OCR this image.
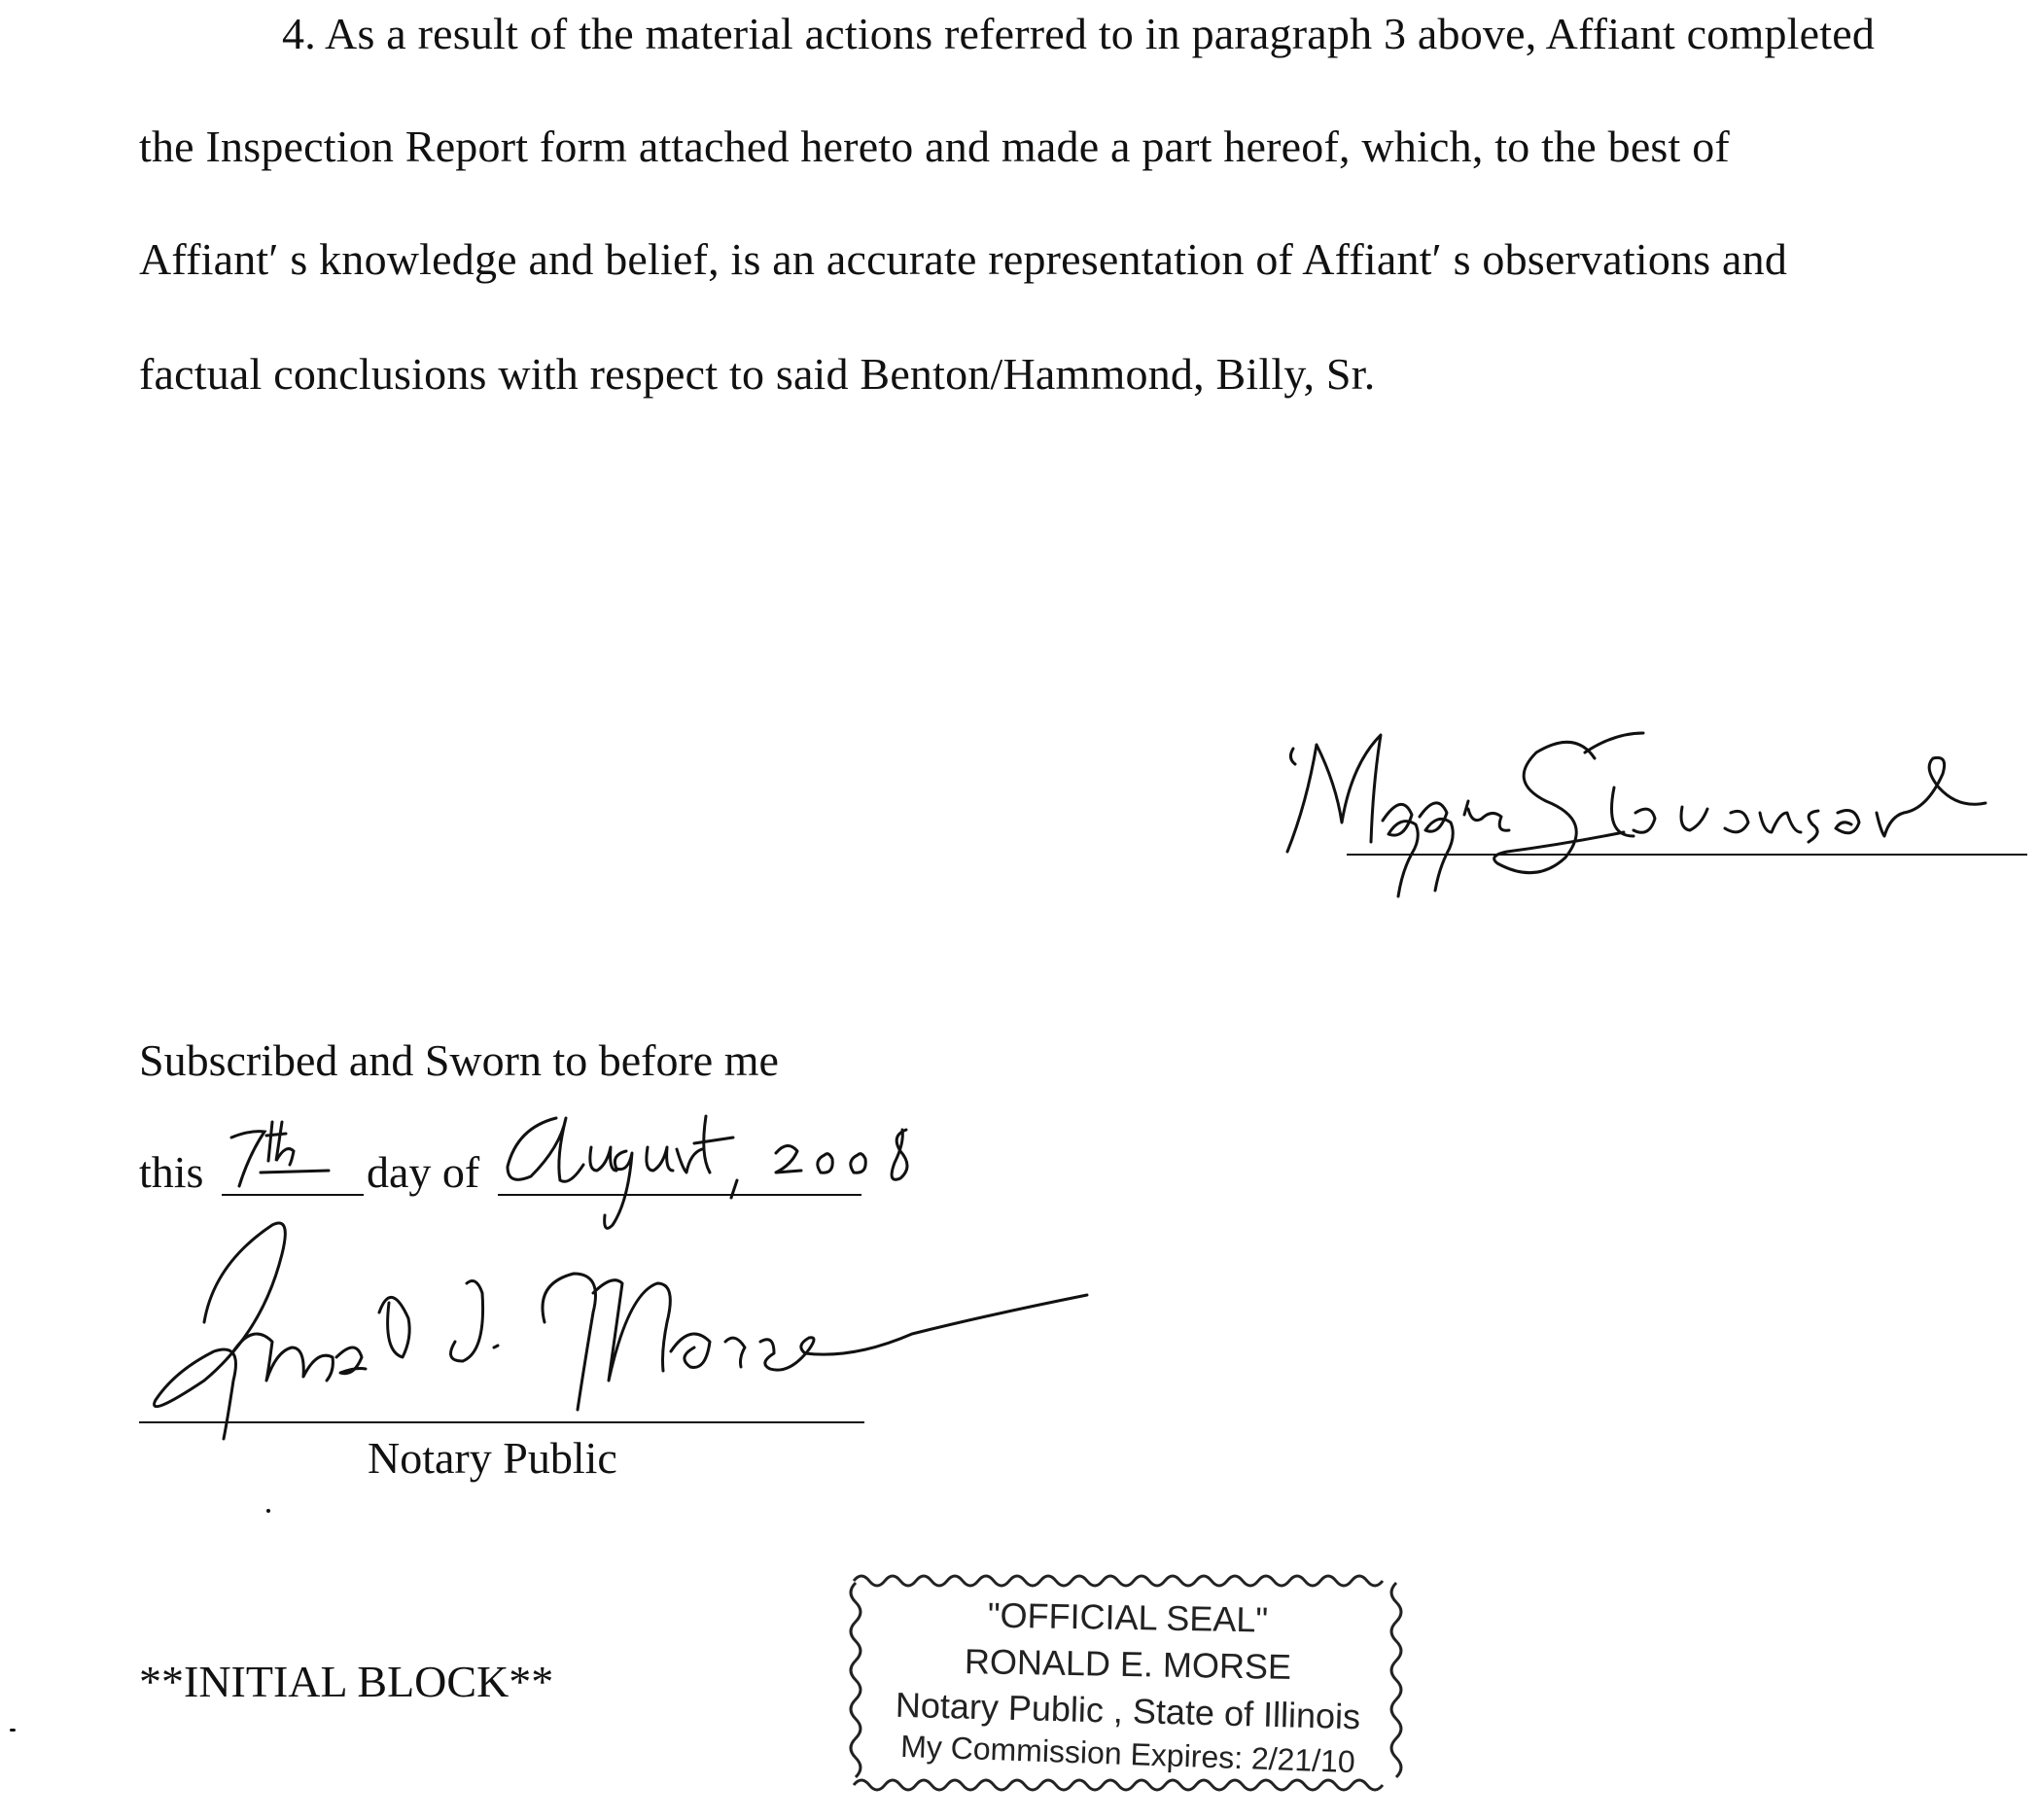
4. As a result of the material actions referred to in paragraph 3 above, Affiant completed
the Inspection Report form attached hereto and made a part hereof, which, to the best of
Affiant′ s knowledge and belief, is an accurate representation of Affiant′ s observations and
factual conclusions with respect to said Benton/Hammond, Billy, Sr.
Subscribed and Sworn to before me
this	day of
Notary Public
**INITIAL BLOCK**
"OFFICIAL SEAL"
RONALD E. MORSE
Notary Public , State of Illinois
My Commission Expires: 2/21/10
